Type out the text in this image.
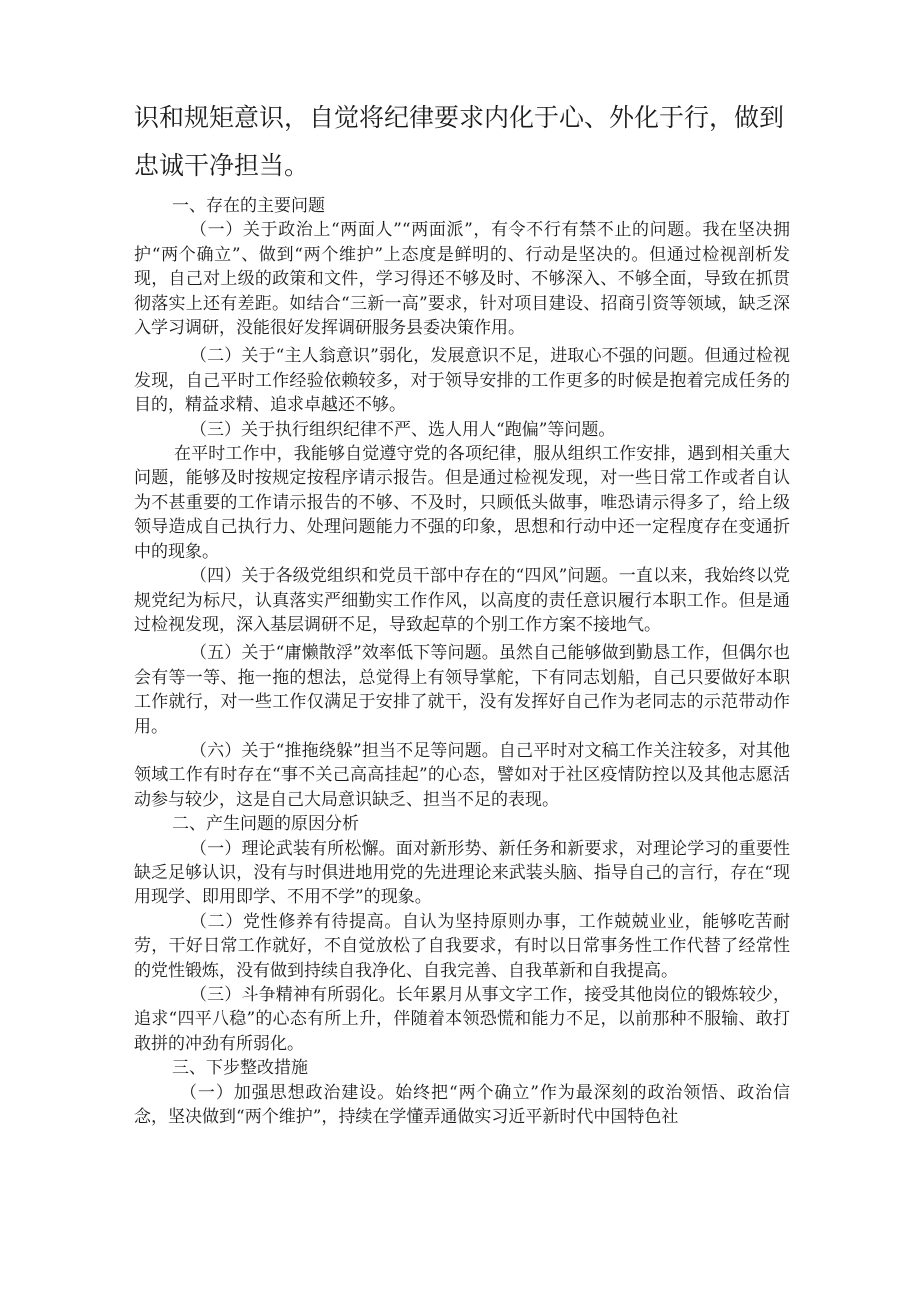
识和规矩意识，自觉将纪律要求内化于心、外化于行，做到
忠诚干净担当。

一、存在的主要问题

（一）关于政治上“两面人”“两面派”，有令不行有禁不止的问题。我在坚决拥护“两个确立”、做到“两个维护”上态度是鲜明的、行动是坚决的。但通过检视剖析发现，自己对上级的政策和文件，学习得还不够及时、不够深入、不够全面，导致在抓贯彻落实上还有差距。如结合“三新一高”要求，针对项目建设、招商引资等领域，缺乏深入学习调研，没能很好发挥调研服务县委决策作用。

（二）关于“主人翁意识”弱化，发展意识不足，进取心不强的问题。但通过检视发现，自己平时工作经验依赖较多，对于领导安排的工作更多的时候是抱着完成任务的目的，精益求精、追求卓越还不够。

（三）关于执行组织纪律不严、选人用人“跑偏”等问题。

在平时工作中，我能够自觉遵守党的各项纪律，服从组织工作安排，遇到相关重大问题，能够及时按规定按程序请示报告。但是通过检视发现，对一些日常工作或者自认为不甚重要的工作请示报告的不够、不及时，只顾低头做事，唯恐请示得多了，给上级领导造成自己执行力、处理问题能力不强的印象，思想和行动中还一定程度存在变通折中的现象。

（四）关于各级党组织和党员干部中存在的“四风”问题。一直以来，我始终以党规党纪为标尺，认真落实严细勤实工作作风，以高度的责任意识履行本职工作。但是通过检视发现，深入基层调研不足，导致起草的个别工作方案不接地气。

（五）关于“庸懒散浮”效率低下等问题。虽然自己能够做到勤恳工作，但偶尔也会有等一等、拖一拖的想法，总觉得上有领导掌舵，下有同志划船，自己只要做好本职工作就行，对一些工作仅满足于安排了就干，没有发挥好自己作为老同志的示范带动作用。

（六）关于“推拖绕躲”担当不足等问题。自己平时对文稿工作关注较多，对其他领域工作有时存在“事不关己高高挂起”的心态，譬如对于社区疫情防控以及其他志愿活动参与较少，这是自己大局意识缺乏、担当不足的表现。

二、产生问题的原因分析

（一）理论武装有所松懈。面对新形势、新任务和新要求，对理论学习的重要性缺乏足够认识，没有与时俱进地用党的先进理论来武装头脑、指导自己的言行，存在“现用现学、即用即学、不用不学”的现象。

（二）党性修养有待提高。自认为坚持原则办事，工作兢兢业业，能够吃苦耐劳，干好日常工作就好，不自觉放松了自我要求，有时以日常事务性工作代替了经常性的党性锻炼，没有做到持续自我净化、自我完善、自我革新和自我提高。

（三）斗争精神有所弱化。长年累月从事文字工作，接受其他岗位的锻炼较少，追求“四平八稳”的心态有所上升，伴随着本领恐慌和能力不足，以前那种不服输、敢打敢拼的冲劲有所弱化。

三、下步整改措施

（一）加强思想政治建设。始终把“两个确立”作为最深刻的政治领悟、政治信念，坚决做到“两个维护”，持续在学懂弄通做实习近平新时代中国特色社
